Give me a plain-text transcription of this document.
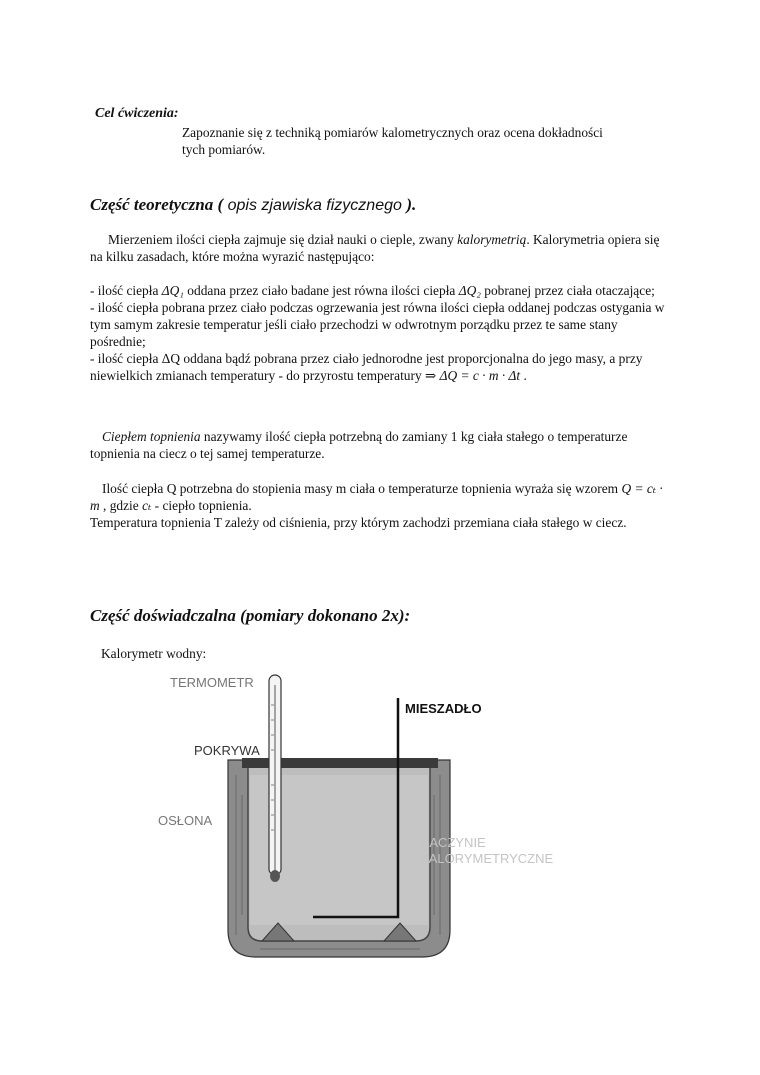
Cel ćwiczenia:
Zapoznanie się z techniką pomiarów kalometrycznych oraz ocena dokładności
tych pomiarów.
Część teoretyczna ( opis zjawiska fizycznego ).
Mierzeniem ilości ciepła zajmuje się dział nauki o cieple, zwany kalorymetrią. Kalorymetria opiera się na kilku zasadach, które można wyrazić następująco:
- ilość ciepła ΔQ₁ oddana przez ciało badane jest równa ilości ciepła ΔQ₂ pobranej przez ciała otaczające;
- ilość ciepła pobrana przez ciało podczas ogrzewania jest równa ilości ciepła oddanej podczas ostygania w tym samym zakresie temperatur jeśli ciało przechodzi w odwrotnym porządku przez te same stany pośrednie;
- ilość ciepła ΔQ oddana bądź pobrana przez ciało jednorodne jest proporcjonalna do jego masy, a przy niewielkich zmianach temperatury - do przyrostu temperatury ⇒ ΔQ = c · m · Δt .
Ciepłem topnienia nazywamy ilość ciepła potrzebną do zamiany 1 kg ciała stałego o temperaturze topnienia na ciecz o tej samej temperaturze.
Ilość ciepła Q potrzebna do stopienia masy m ciała o temperaturze topnienia wyraża się wzorem Q = cₜ · m , gdzie cₜ - ciepło topnienia.
Temperatura topnienia T zależy od ciśnienia, przy którym zachodzi przemiana ciała stałego w ciecz.
Część doświadczalna (pomiary dokonano 2x):
Kalorymetr wodny:
TERMOMETR
MIESZADŁO
POKRYWA
OSŁONA
NACZYNIE
KALORYMETRYCZNE
